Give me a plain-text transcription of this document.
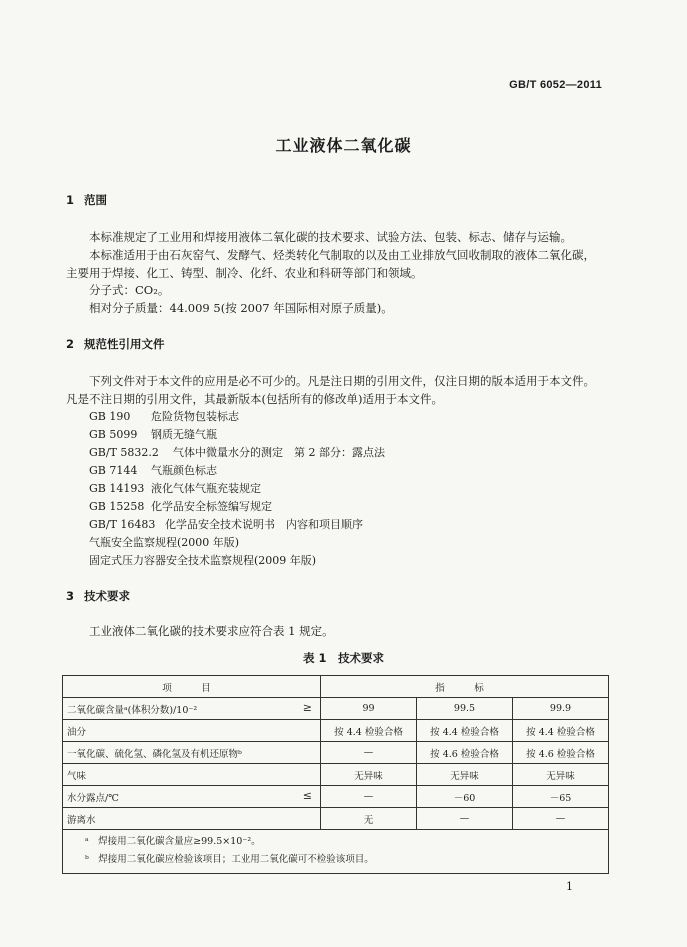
GB/T 6052—2011
工业液体二氧化碳
1 范围
本标准规定了工业用和焊接用液体二氧化碳的技术要求、试验方法、包装、标志、储存与运输。
本标准适用于由石灰窑气、发酵气、烃类转化气制取的以及由工业排放气回收制取的液体二氧化碳，主要用于焊接、化工、铸型、制冷、化纤、农业和科研等部门和领域。
分子式：CO₂。
相对分子质量：44.009 5(按 2007 年国际相对原子质量)。
2 规范性引用文件
下列文件对于本文件的应用是必不可少的。凡是注日期的引用文件，仅注日期的版本适用于本文件。凡是不注日期的引用文件，其最新版本(包括所有的修改单)适用于本文件。
GB 190 危险货物包装标志
GB 5099 钢质无缝气瓶
GB/T 5832.2 气体中微量水分的测定　第 2 部分：露点法
GB 7144 气瓶颜色标志
GB 14193 液化气体气瓶充装规定
GB 15258 化学品安全标签编写规定
GB/T 16483 化学品安全技术说明书　内容和项目顺序
气瓶安全监察规程(2000 年版)
固定式压力容器安全技术监察规程(2009 年版)
3 技术要求
工业液体二氧化碳的技术要求应符合表 1 规定。
表 1　技术要求
项　目	指　标		
二氧化碳含量ᵃ(体积分数)/10⁻² ≥	99	99.5	99.9
油分	按 4.4 检验合格	按 4.4 检验合格	按 4.4 检验合格
一氧化碳、硫化氢、磷化氢及有机还原物ᵇ	—	按 4.6 检验合格	按 4.6 检验合格
气味	无异味	无异味	无异味
水分露点/℃ ≤	—	－60	－65
游离水	无	—	—

ᵃ　焊接用二氧化碳含量应≥99.5×10⁻²。
ᵇ　焊接用二氧化碳应检验该项目；工业用二氧化碳可不检验该项目。			
1
